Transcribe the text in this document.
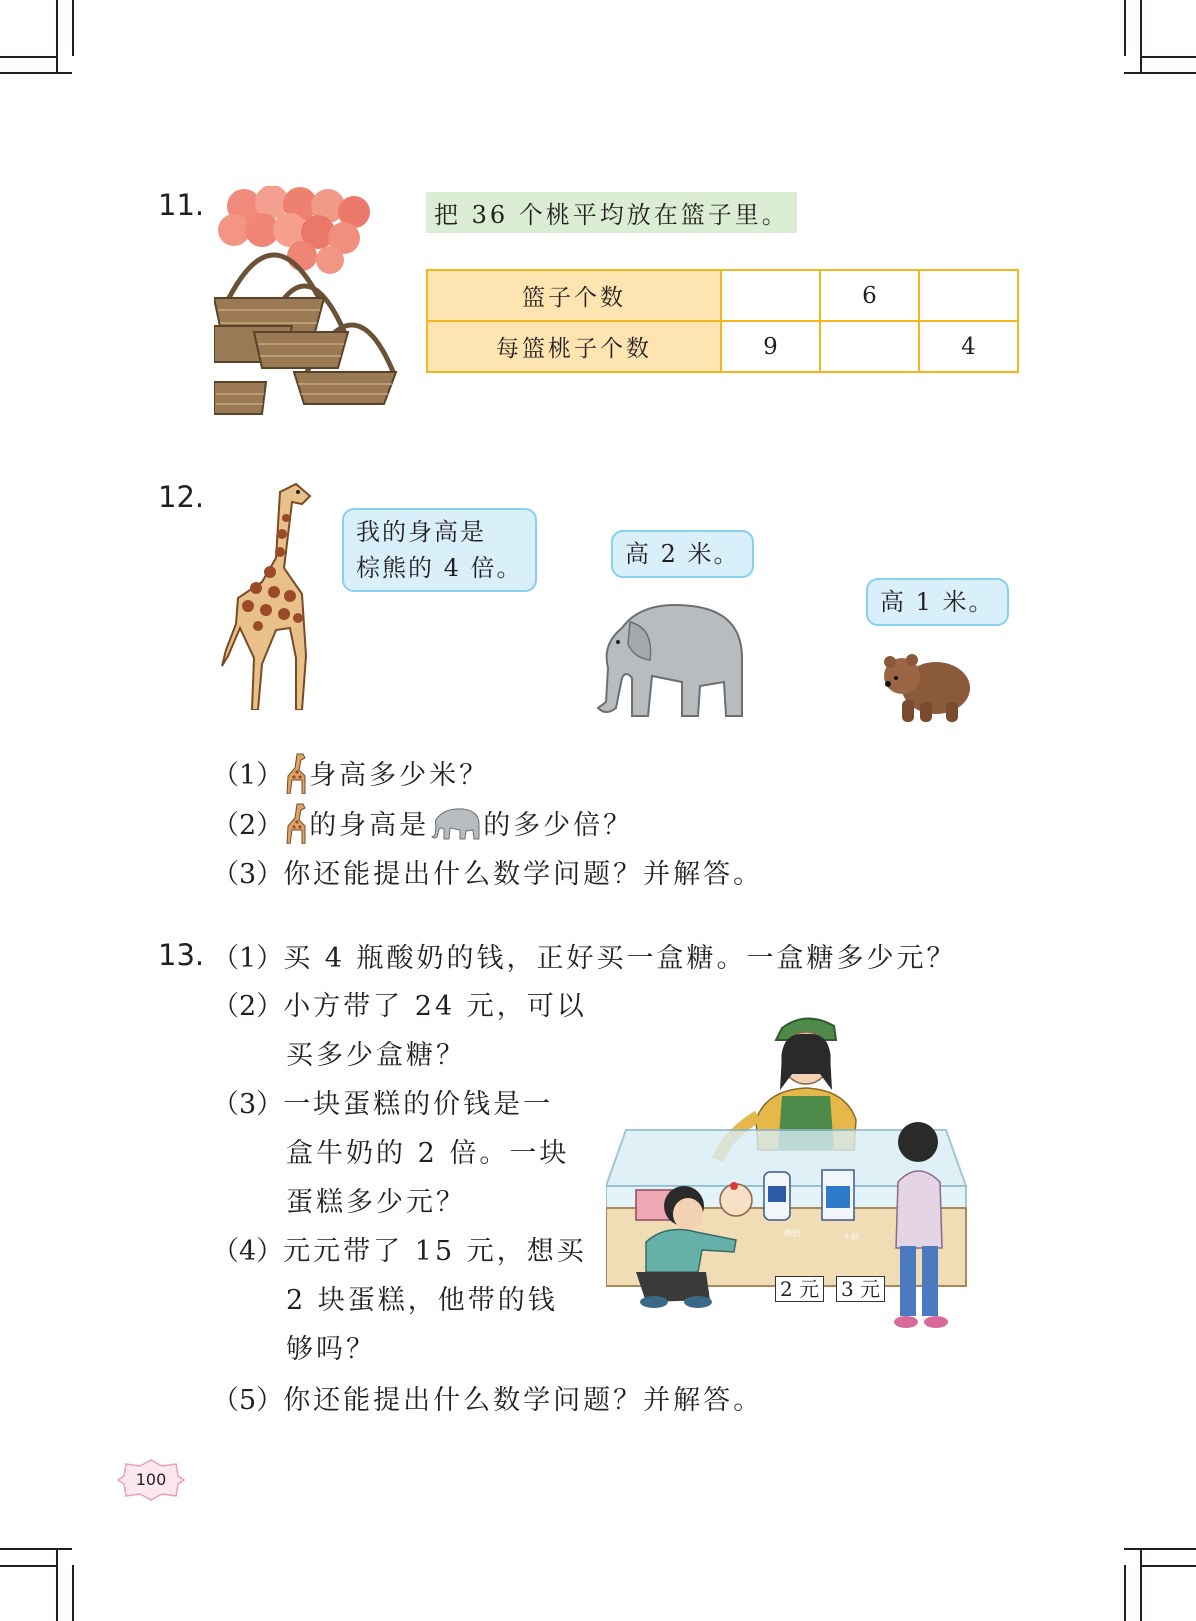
11.	把 36 个桃平均放在篮子里。
篮子个数		6	
每篮桃子个数	9		4
12.
我的身高是
棕熊的 4 倍。	高 2 米。
高 1 米。
（1） 身高多少米？
（2） 的身高是 的多少倍？
（3）你还能提出什么数学问题？并解答。
13. （1）买 4 瓶酸奶的钱，正好买一盒糖。一盒糖多少元？
（2）小方带了 24 元，可以
买多少盒糖？
（3）一块蛋糕的价钱是一
盒牛奶的 2 倍。一块
蛋糕多少元？
（4）元元带了 15 元，想买
2 块蛋糕，他带的钱
够吗？
（5）你还能提出什么数学问题？并解答。
2 元 3 元
酸奶	牛奶
100
